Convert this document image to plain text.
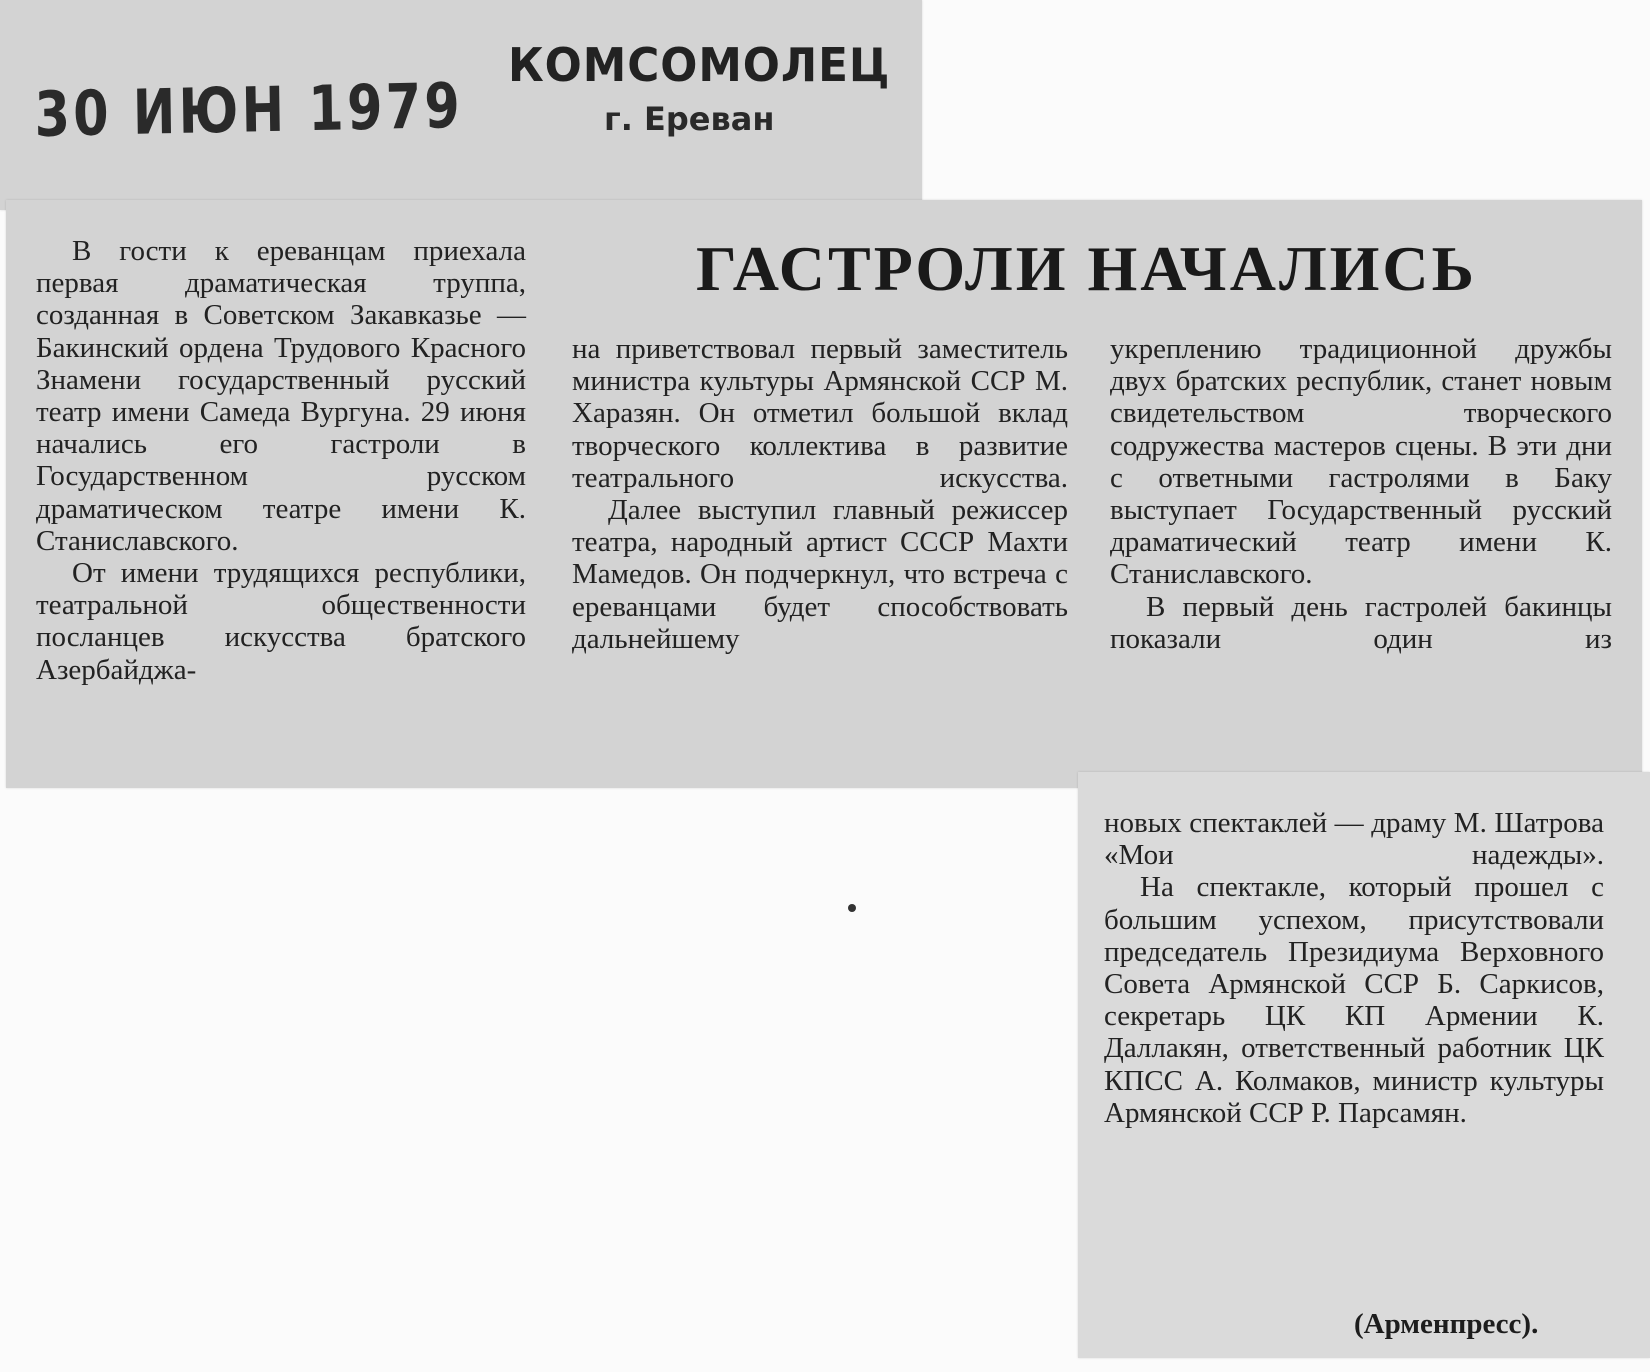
30 ИЮН 1979
КОМСОМОЛЕЦ
г. Ереван
ГАСТРОЛИ НАЧАЛИСЬ

В гости к ереванцам приехала первая драматическая труппа, созданная в Советском Закавказье — Бакинский ордена Трудового Красного Знамени государственный русский театр имени Самеда Вургуна. 29 июня начались его гастроли в Государственном русском драматическом театре имени К. Станиславского.

От имени трудящихся республики, театральной общественности посланцев искусства братского Азербайджа-

на приветствовал первый заместитель министра культуры Армянской ССР М. Харазян. Он отметил большой вклад творческого коллектива в развитие театрального искусства.

Далее выступил главный режиссер театра, народный артист СССР Махти Мамедов. Он подчеркнул, что встреча с ереванцами будет способствовать дальнейшему

укреплению традиционной дружбы двух братских республик, станет новым свидетельством творческого содружества мастеров сцены. В эти дни с ответными гастролями в Баку выступает Государственный русский драматический театр имени К. Станиславского.

В первый день гастролей бакинцы показали один из

новых спектаклей — драму М. Шатрова «Мои надежды».

На спектакле, который прошел с большим успехом, присутствовали председатель Президиума Верховного Совета Армянской ССР Б. Саркисов, секретарь ЦК КП Армении К. Даллакян, ответственный работник ЦК КПСС А. Колмаков, министр культуры Армянской ССР Р. Парсамян.

(Арменпресс).
